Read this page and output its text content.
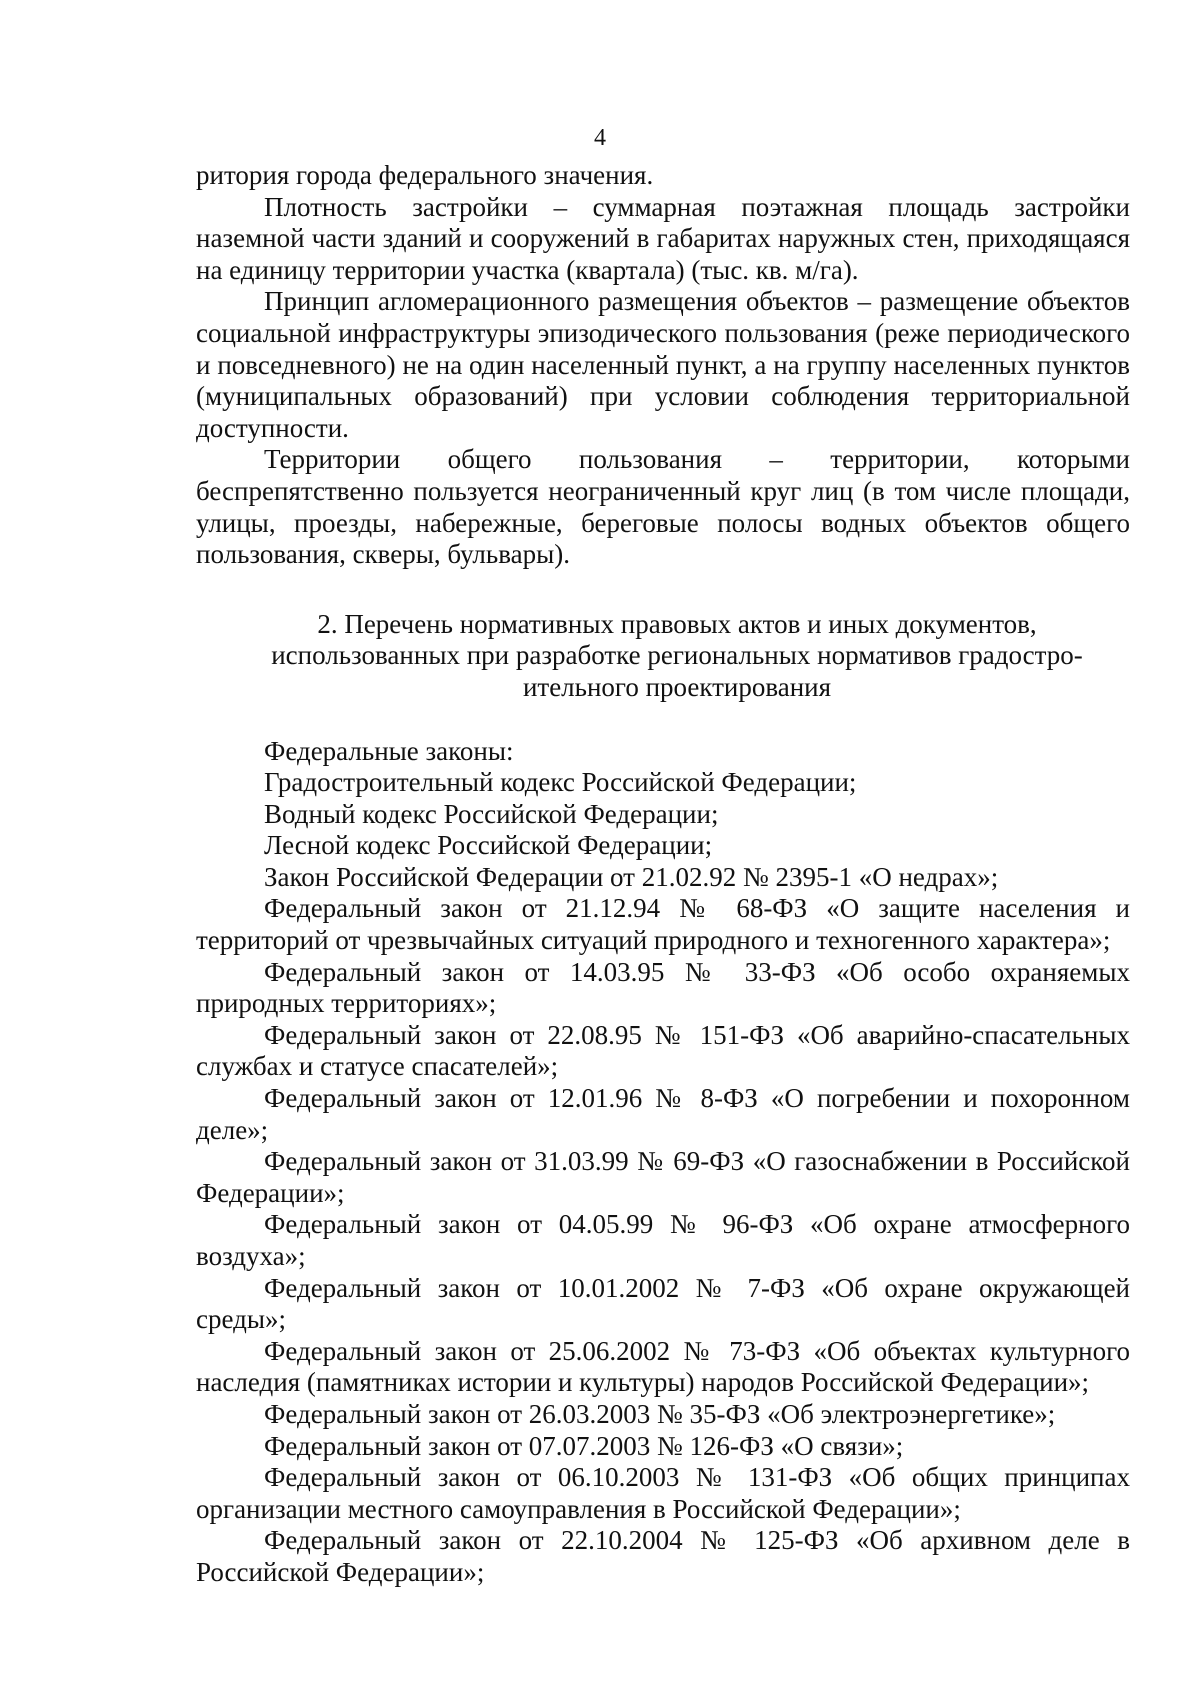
4

ритория города федерального значения.

Плотность застройки – суммарная поэтажная площадь застройки наземной части зданий и сооружений в габаритах наружных стен, приходящаяся на единицу территории участка (квартала) (тыс. кв. м/га).

Принцип агломерационного размещения объектов – размещение объектов социальной инфраструктуры эпизодического пользования (реже периодического и повседневного) не на один населенный пункт, а на группу населенных пунктов (муниципальных образований) при условии соблюдения территориальной доступности.

Территории общего пользования – территории, которыми беспрепятственно пользуется неограниченный круг лиц (в том числе площади, улицы, проезды, набережные, береговые полосы водных объектов общего пользования, скверы, бульвары).

2. Перечень нормативных правовых актов и иных документов,
использованных при разработке региональных нормативов градостро-
ительного проектирования

Федеральные законы:

Градостроительный кодекс Российской Федерации;

Водный кодекс Российской Федерации;

Лесной кодекс Российской Федерации;

Закон Российской Федерации от 21.02.92 № 2395-1 «О недрах»;

Федеральный закон от 21.12.94 № 68-ФЗ «О защите населения и территорий от чрезвычайных ситуаций природного и техногенного характера»;

Федеральный закон от 14.03.95 № 33-ФЗ «Об особо охраняемых природных территориях»;

Федеральный закон от 22.08.95 № 151-ФЗ «Об аварийно-спасательных службах и статусе спасателей»;

Федеральный закон от 12.01.96 № 8-ФЗ «О погребении и похоронном деле»;

Федеральный закон от 31.03.99 № 69-ФЗ «О газоснабжении в Российской Федерации»;

Федеральный закон от 04.05.99 № 96-ФЗ «Об охране атмосферного воздуха»;

Федеральный закон от 10.01.2002 № 7-ФЗ «Об охране окружающей среды»;

Федеральный закон от 25.06.2002 № 73-ФЗ «Об объектах культурного наследия (памятниках истории и культуры) народов Российской Федерации»;

Федеральный закон от 26.03.2003 № 35-ФЗ «Об электроэнергетике»;

Федеральный закон от 07.07.2003 № 126-ФЗ «О связи»;

Федеральный закон от 06.10.2003 № 131-ФЗ «Об общих принципах организации местного самоуправления в Российской Федерации»;

Федеральный закон от 22.10.2004 № 125-ФЗ «Об архивном деле в Российской Федерации»;
